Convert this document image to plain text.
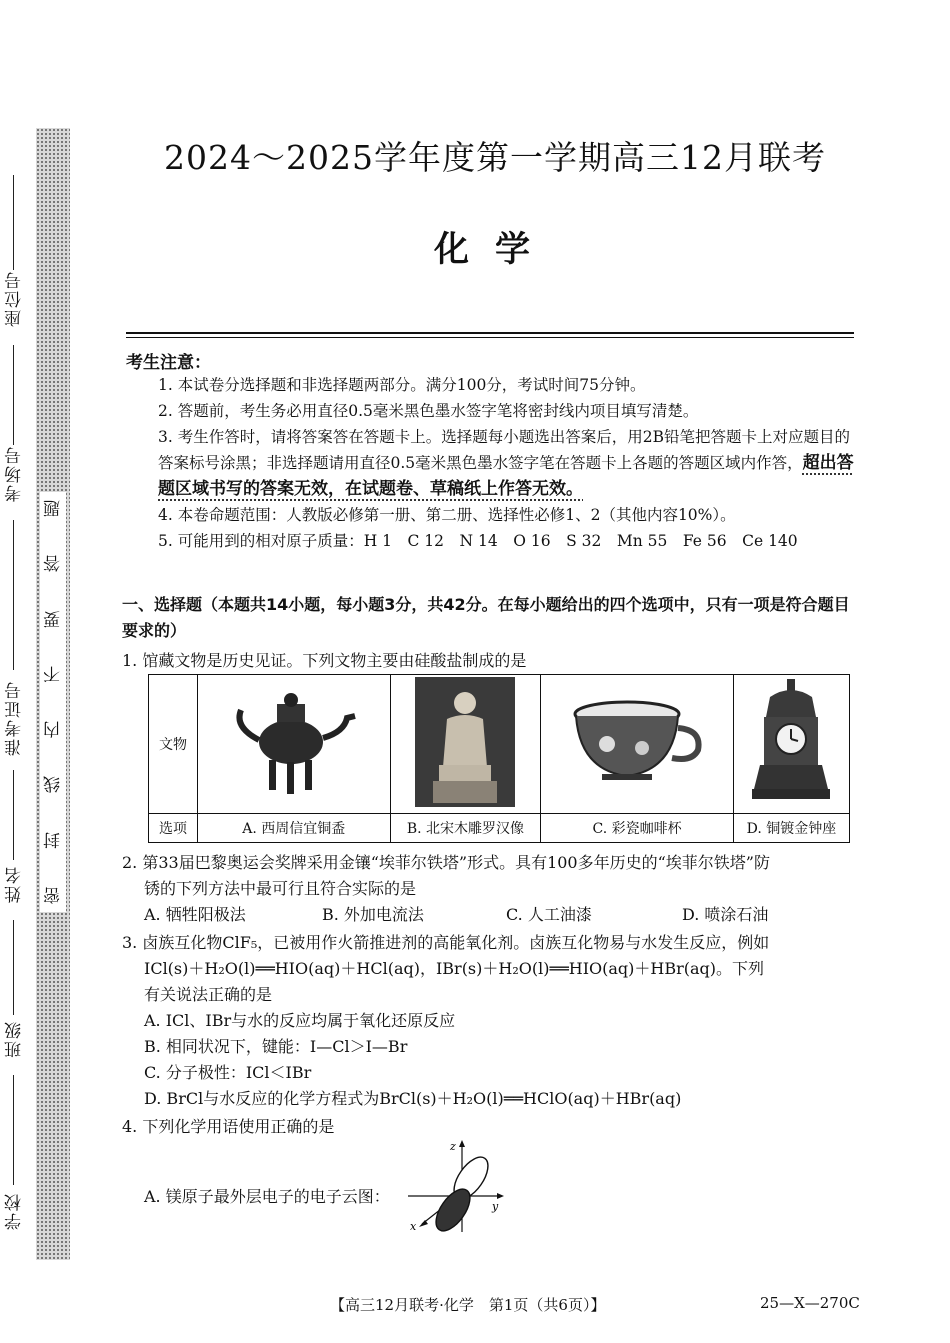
座位号
考场号
准考证号
姓名
班级
学校
题
答
要
不
内
线
封
密
2024～2025学年度第一学期高三12月联考
化学
考生注意：

1. 本试卷分选择题和非选择题两部分。满分100分，考试时间75分钟。

2. 答题前，考生务必用直径0.5毫米黑色墨水签字笔将密封线内项目填写清楚。

3. 考生作答时，请将答案答在答题卡上。选择题每小题选出答案后，用2B铅笔把答题卡上对应题目的答案标号涂黑；非选择题请用直径0.5毫米黑色墨水签字笔在答题卡上各题的答题区域内作答，超出答题区域书写的答案无效，在试题卷、草稿纸上作答无效。

4. 本卷命题范围：人教版必修第一册、第二册、选择性必修1、2（其他内容10%）。

5. 可能用到的相对原子质量：H 1　C 12　N 14　O 16　S 32　Mn 55　Fe 56　Ce 140

一、选择题（本题共14小题，每小题3分，共42分。在每小题给出的四个选项中，只有一项是符合题目要求的）
1. 馆藏文物是历史见证。下列文物主要由硅酸盐制成的是
文物				
选项	A. 西周信宜铜盉	B. 北宋木雕罗汉像	C. 彩瓷咖啡杯	D. 铜镀金钟座
2. 第33届巴黎奥运会奖牌采用金镶“埃菲尔铁塔”形式。具有100多年历史的“埃菲尔铁塔”防
锈的下列方法中最可行且符合实际的是
A. 牺牲阳极法	B. 外加电流法	C. 人工油漆	D. 喷涂石油
3. 卤族互化物ClF₅，已被用作火箭推进剂的高能氧化剂。卤族互化物易与水发生反应，例如
ICl(s)＋H₂O(l)══HIO(aq)＋HCl(aq)，IBr(s)＋H₂O(l)══HIO(aq)＋HBr(aq)。下列
有关说法正确的是
A. ICl、IBr与水的反应均属于氧化还原反应
B. 相同状况下，键能：I—Cl＞I—Br
C. 分子极性：ICl＜IBr
D. BrCl与水反应的化学方程式为BrCl(s)＋H₂O(l)══HClO(aq)＋HBr(aq)
4. 下列化学用语使用正确的是
A. 镁原子最外层电子的电子云图：
z
y
x
【高三12月联考·化学　第1页（共6页）】	25—X—270C
